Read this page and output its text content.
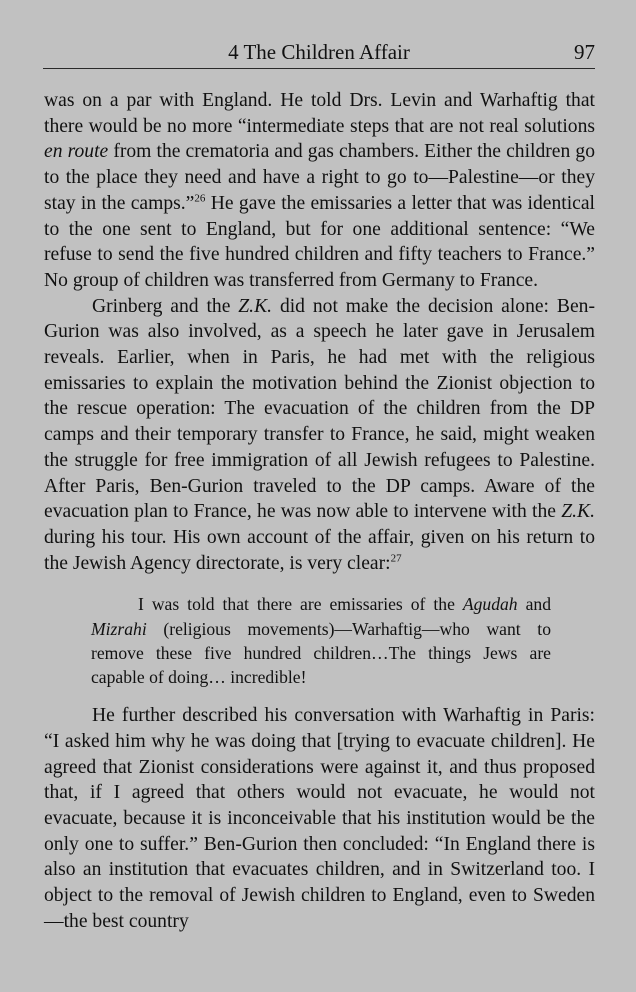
4 The Children Affair	97

was on a par with England. He told Drs. Levin and Warhaftig that there would be no more “intermediate steps that are not real solutions en route from the crematoria and gas chambers. Either the children go to the place they need and have a right to go to—Palestine—or they stay in the camps.”$^{26}$ He gave the emissaries a letter that was identical to the one sent to England, but for one additional sentence: “We refuse to send the five hundred children and fifty teachers to France.” No group of children was transferred from Germany to France.

Grinberg and the Z.K. did not make the decision alone: Ben-Gurion was also involved, as a speech he later gave in Jerusalem reveals. Earlier, when in Paris, he had met with the religious emissaries to explain the motivation behind the Zionist objection to the rescue operation: The evacuation of the children from the DP camps and their temporary transfer to France, he said, might weaken the struggle for free immigration of all Jewish refugees to Palestine. After Paris, Ben-Gurion traveled to the DP camps. Aware of the evacuation plan to France, he was now able to intervene with the Z.K. during his tour. His own account of the affair, given on his return to the Jewish Agency directorate, is very clear:$^{27}$

I was told that there are emissaries of the Agudah and Mizrahi (religious movements)—Warhaftig—who want to remove these five hundred children…The things Jews are capable of doing… incredible!

He further described his conversation with Warhaftig in Paris: “I asked him why he was doing that [trying to evacuate children]. He agreed that Zionist considerations were against it, and thus proposed that, if I agreed that others would not evacuate, he would not evacuate, because it is inconceivable that his institution would be the only one to suffer.” Ben-Gurion then concluded: “In England there is also an institution that evacuates children, and in Switzerland too. I object to the removal of Jewish children to England, even to Sweden—the best country
